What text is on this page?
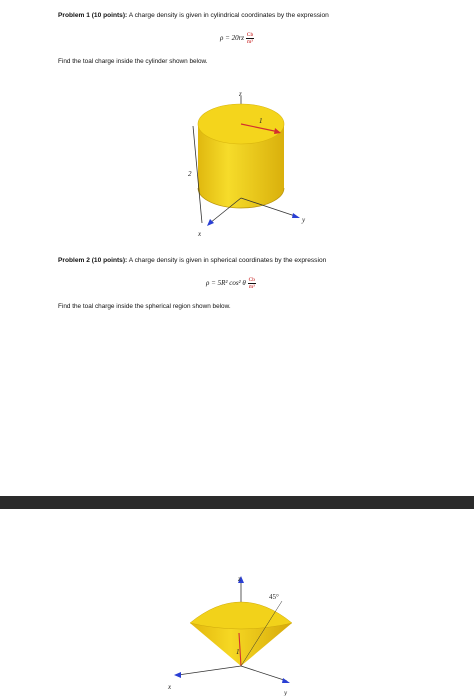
Problem 1 (10 points): A charge density is given in cylindrical coordinates by the expression
$\rho = 20rz \frac{Cb}{\text{m³}}$
Find the toal charge inside the cylinder shown below.
1
2
z
y
x
Problem 2 (10 points): A charge density is given in spherical coordinates by the expression
ρ = 5R² cos² θ $\frac{Cb}{\text{m³}}$
Find the toal charge inside the spherical region shown below.
1
45°
z
x
y
